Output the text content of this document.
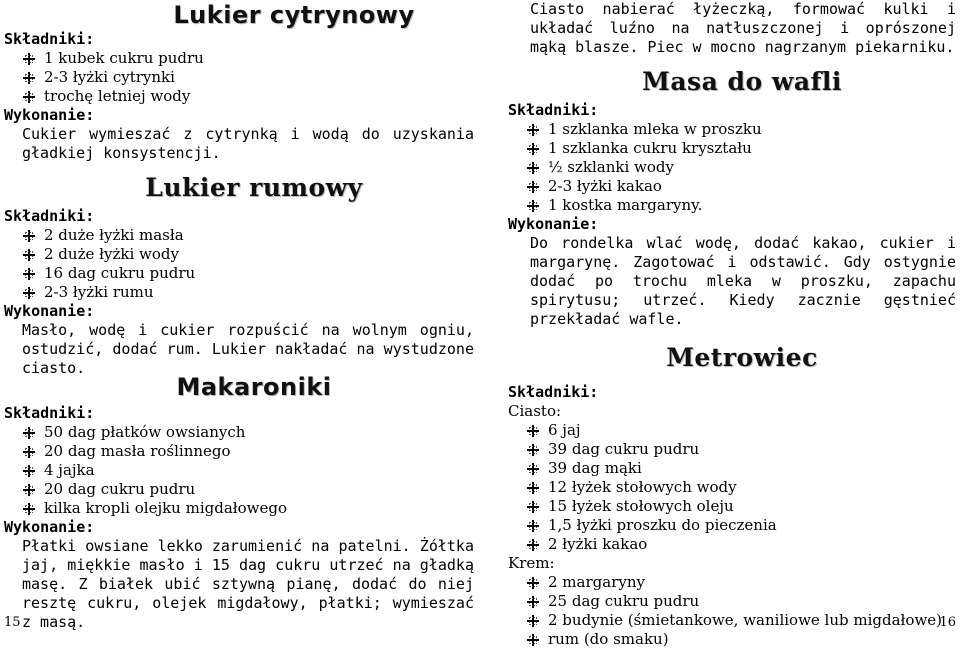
Lukier cytrynowy
Składniki:
1 kubek cukru pudru
2-3 łyżki cytrynki
trochę letniej wody
Wykonanie:
Cukier wymieszać z cytrynką i wodą do uzyskania gładkiej konsystencji.
Lukier rumowy
Składniki:
2 duże łyżki masła
2 duże łyżki wody
16 dag cukru pudru
2-3 łyżki rumu
Wykonanie:
Masło, wodę i cukier rozpuścić na wolnym ogniu, ostudzić, dodać rum. Lukier nakładać na wystudzone ciasto.
Makaroniki
Składniki:
50 dag płatków owsianych
20 dag masła roślinnego
4 jajka
20 dag cukru pudru
kilka kropli olejku migdałowego
Wykonanie:
Płatki owsiane lekko zarumienić na patelni. Żółtka jaj, miękkie masło i 15 dag cukru utrzeć na gładką masę. Z białek ubić sztywną pianę, dodać do niej resztę cukru, olejek migdałowy, płatki; wymieszać z masą.
15
Ciasto nabierać łyżeczką, formować kulki i układać luźno na natłuszczonej i oprószonej mąką blasze. Piec w mocno nagrzanym piekarniku.
Masa do wafli
Składniki:
1 szklanka mleka w proszku
1 szklanka cukru kryształu
½ szklanki wody
2-3 łyżki kakao
1 kostka margaryny.
Wykonanie:
Do rondelka wlać wodę, dodać kakao, cukier i margarynę. Zagotować i odstawić. Gdy ostygnie dodać po trochu mleka w proszku, zapachu spirytusu; utrzeć. Kiedy zacznie gęstnieć przekładać wafle.
Metrowiec
Składniki:
Ciasto:
6 jaj
39 dag cukru pudru
39 dag mąki
12 łyżek stołowych wody
15 łyżek stołowych oleju
1,5 łyżki proszku do pieczenia
2 łyżki kakao
Krem:
2 margaryny
25 dag cukru pudru
2 budynie (śmietankowe, waniliowe lub migdałowe)
rum (do smaku)
16
